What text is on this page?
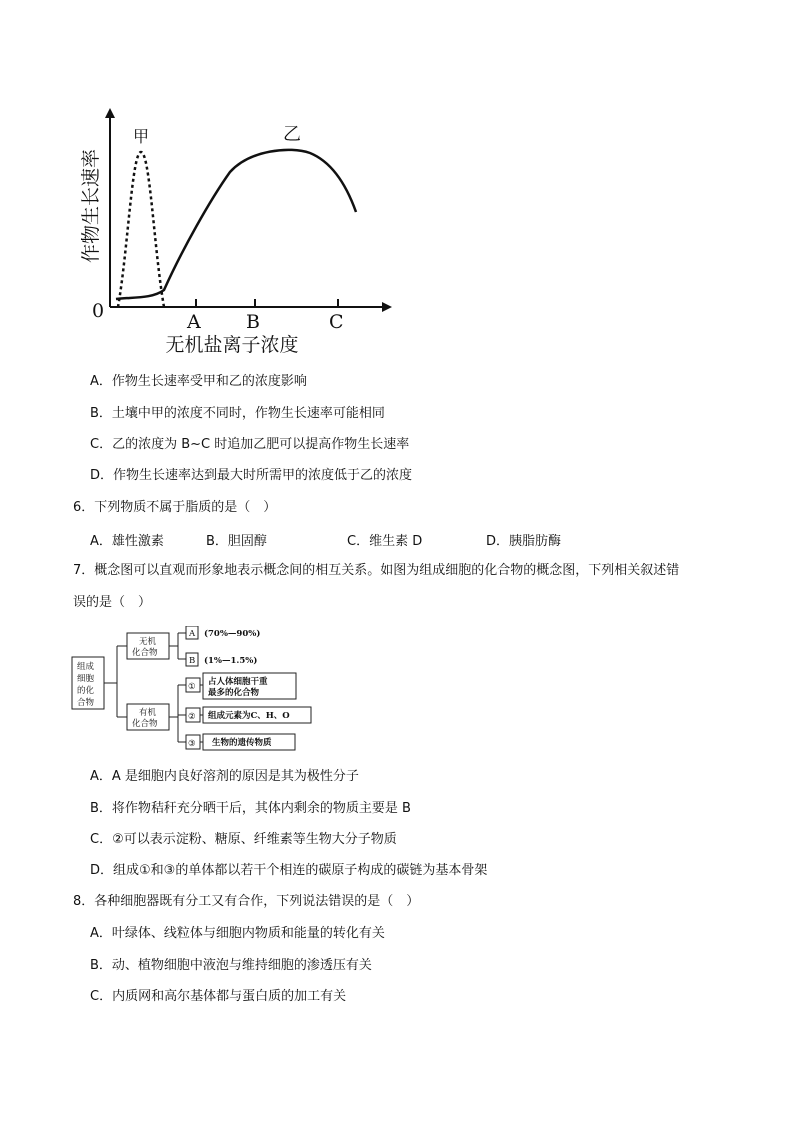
甲	乙
0	A B	C
无机盐离子浓度
作物生长速率
A．作物生长速率受甲和乙的浓度影响
B．土壤中甲的浓度不同时，作物生长速率可能相同
C．乙的浓度为 B~C 时追加乙肥可以提高作物生长速率
D．作物生长速率达到最大时所需甲的浓度低于乙的浓度
6．下列物质不属于脂质的是（　）
A．雄性激素	B．胆固醇	C．维生素 D	D．胰脂肪酶
7．概念图可以直观而形象地表示概念间的相互关系。如图为组成细胞的化合物的概念图，下列相关叙述错
误的是（　）
组成
细胞
的化
合物
无机
化合物
有机
化合物
A (70%—90%)
B (1%—1.5%)
① 占人体细胞干重
最多的化合物
② 组成元素为C、H、O
③ 生物的遗传物质
A．A 是细胞内良好溶剂的原因是其为极性分子
B．将作物秸秆充分晒干后，其体内剩余的物质主要是 B
C．②可以表示淀粉、糖原、纤维素等生物大分子物质
D．组成①和③的单体都以若干个相连的碳原子构成的碳链为基本骨架
8．各种细胞器既有分工又有合作，下列说法错误的是（　）
A．叶绿体、线粒体与细胞内物质和能量的转化有关
B．动、植物细胞中液泡与维持细胞的渗透压有关
C．内质网和高尔基体都与蛋白质的加工有关
